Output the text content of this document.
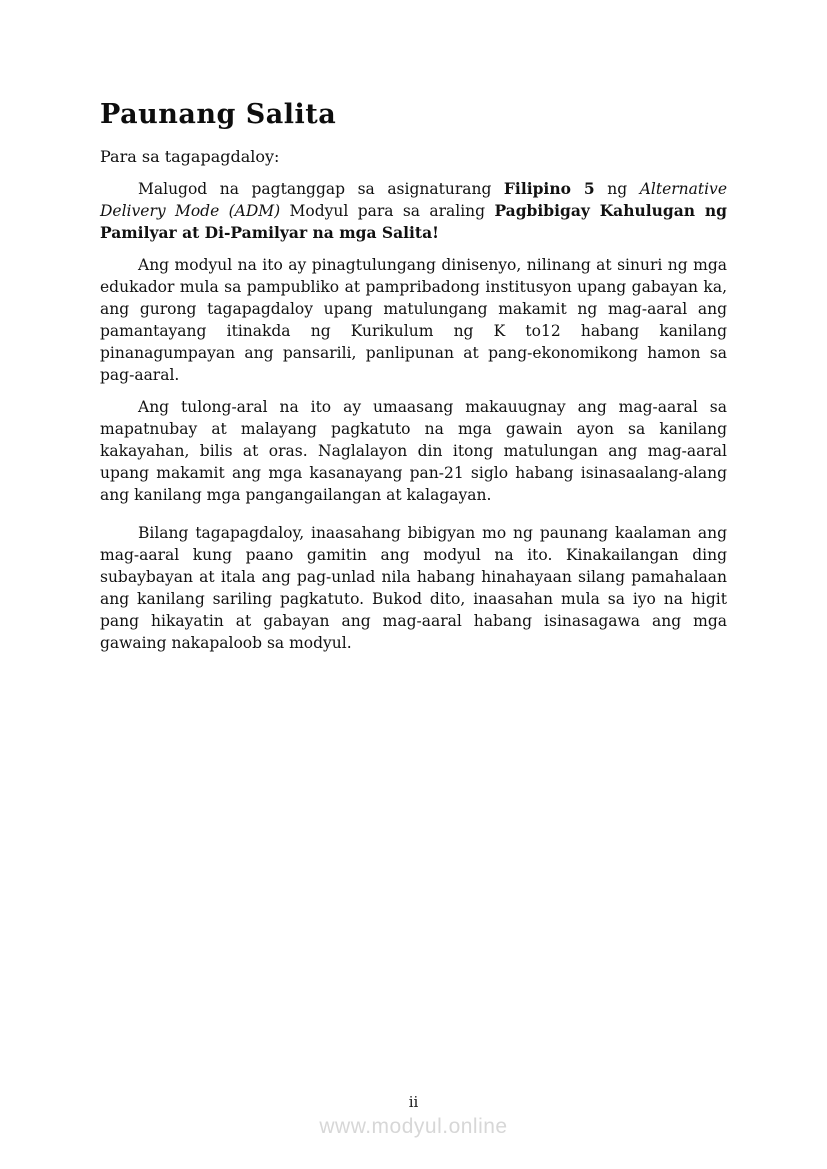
Paunang Salita

Para sa tagapagdaloy:

Malugod na pagtanggap sa asignaturang Filipino 5 ng Alternative Delivery Mode (ADM) Modyul para sa araling Pagbibigay Kahulugan ng Pamilyar at Di-Pamilyar na mga Salita!

Ang modyul na ito ay pinagtulungang dinisenyo, nilinang at sinuri ng mga edukador mula sa pampubliko at pampribadong institusyon upang gabayan ka, ang gurong tagapagdaloy upang matulungang makamit ng mag-aaral ang pamantayang itinakda ng Kurikulum ng K to12 habang kanilang pinanagumpayan ang pansarili, panlipunan at pang-ekonomikong hamon sa pag-aaral.

Ang tulong-aral na ito ay umaasang makauugnay ang mag-aaral sa mapatnubay at malayang pagkatuto na mga gawain ayon sa kanilang kakayahan, bilis at oras. Naglalayon din itong matulungan ang mag-aaral upang makamit ang mga kasanayang pan-21 siglo habang isinasaalang-alang ang kanilang mga pangangailangan at kalagayan.

Bilang tagapagdaloy, inaasahang bibigyan mo ng paunang kaalaman ang mag-aaral kung paano gamitin ang modyul na ito. Kinakailangan ding subaybayan at itala ang pag-unlad nila habang hinahayaan silang pamahalaan ang kanilang sariling pagkatuto. Bukod dito, inaasahan mula sa iyo na higit pang hikayatin at gabayan ang mag-aaral habang isinasagawa ang mga gawaing nakapaloob sa modyul.

ii
www.modyul.online
